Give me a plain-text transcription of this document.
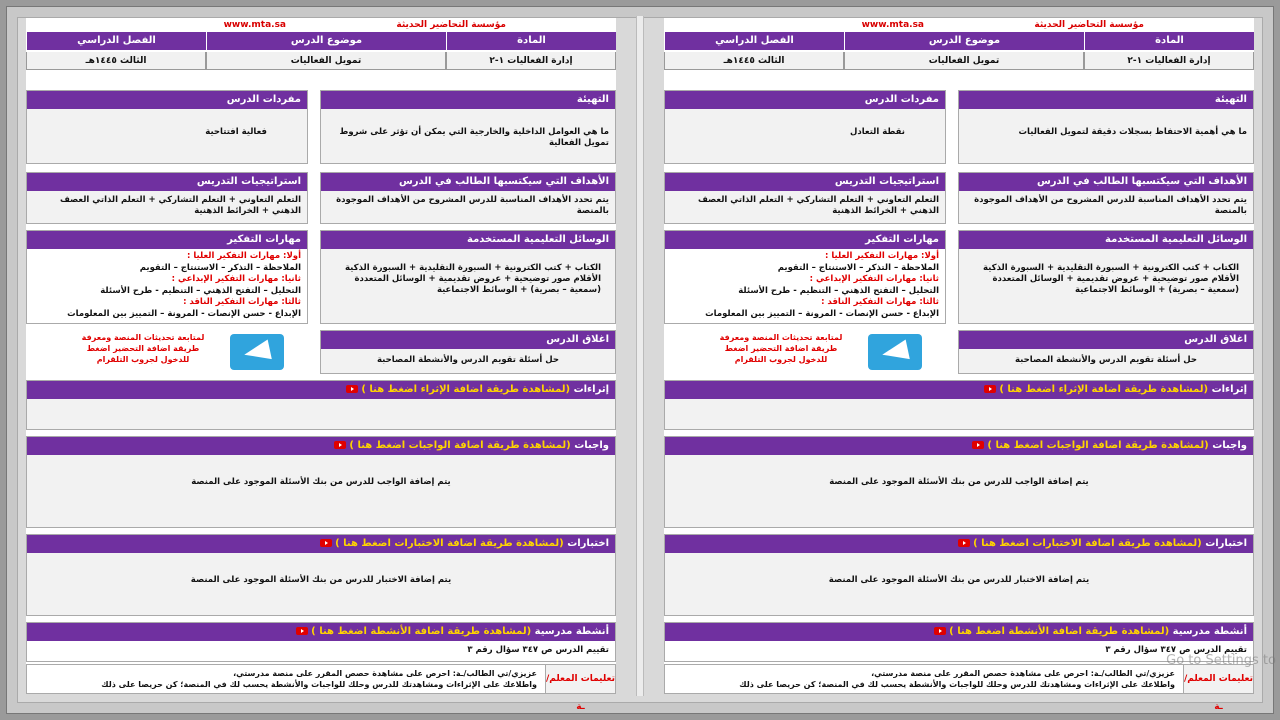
مؤسسة التحاضير الحديثة
www.mta.sa
المادة
موضوع الدرس
الفصل الدراسي
إدارة الفعاليات ١-٢
تمويل الفعاليات
الثالث ١٤٤٥هـ
التهيئة
ما هي أهمية الاحتفاظ بسجلات دقيقة لتمويل الفعاليات
مفردات الدرس
نقطة التعادل
الأهداف التي سيكتسبها الطالب في الدرس
يتم تحدد الأهداف المناسبة للدرس المشروح من الأهداف الموجودة بالمنصة
استراتيجيات التدريس
التعلم التعاوني + التعلم التشاركي + التعلم الذاتي العصف الذهني + الخرائط الذهنية
الوسائل التعليمية المستخدمة
الكتاب + كتب الكترونية + السبورة التقليدية + السبورة الذكية الأقلام صور توضيحية + عروض تقديمية + الوسائل المتعددة (سمعية – بصرية) + الوسائط الاجتماعية
مهارات التفكير
أولا: مهارات التفكير العليا :
الملاحظة – التذكر – الاستنتاج – التقويم
ثانيا: مهارات التفكير الإبداعي :
التحليل – التفتح الذهني – التنظيم - طرح الأسئلة
ثالثا: مهارات التفكير الناقد :
الإبداع - حسن الإنصات - المرونة – التمييز بين المعلومات
اغلاق الدرس
حل أسئلة تقويم الدرس والأنشطة المصاحبة
لمتابعة تحديثات المنصة ومعرفة طريقة اضافة التحضير اضغط للدخول لجروب التلقرام
إثراءات (لمشاهدة طريقة اضافة الإثراء اضغط هنا )
واجبات (لمشاهدة طريقة اضافة الواجبات اضغط هنا )
يتم إضافة الواجب للدرس من بنك الأسئلة الموجود على المنصة
اختبارات (لمشاهدة طريقة اضافة الاختبارات اضغط هنا )
يتم إضافة الاختبار للدرس من بنك الأسئلة الموجود على المنصة
أنشطة مدرسية (لمشاهدة طريقة اضافة الأنشطة اضغط هنا )
تقييم الدرس ص ٣٤٧ سؤال رقم ٣
تعليمات المعلم/ـة
عزيزي/تي الطالب/ـة: احرص على مشاهدة حصص المقرر على منصة مدرستي،
واطلاعك على الإثراءات ومشاهدتك للدرس وحلك للواجبات والأنشطة يحسب لك في المنصة؛ كن حريصا على ذلك
مؤسسة التحاضير الحديثة
www.mta.sa
المادة
موضوع الدرس
الفصل الدراسي
إدارة الفعاليات ١-٢
تمويل الفعاليات
الثالث ١٤٤٥هـ
التهيئة
ما هي العوامل الداخلية والخارجية التي يمكن أن تؤثر على شروط تمويل الفعالية
مفردات الدرس
فعالية افتتاحية
الأهداف التي سيكتسبها الطالب في الدرس
يتم تحدد الأهداف المناسبة للدرس المشروح من الأهداف الموجودة بالمنصة
استراتيجيات التدريس
التعلم التعاوني + التعلم التشاركي + التعلم الذاتي العصف الذهني + الخرائط الذهنية
الوسائل التعليمية المستخدمة
الكتاب + كتب الكترونية + السبورة التقليدية + السبورة الذكية الأقلام صور توضيحية + عروض تقديمية + الوسائل المتعددة (سمعية – بصرية) + الوسائط الاجتماعية
مهارات التفكير
أولا: مهارات التفكير العليا :
الملاحظة – التذكر – الاستنتاج – التقويم
ثانيا: مهارات التفكير الإبداعي :
التحليل – التفتح الذهني – التنظيم - طرح الأسئلة
ثالثا: مهارات التفكير الناقد :
الإبداع - حسن الإنصات - المرونة – التمييز بين المعلومات
اغلاق الدرس
حل أسئلة تقويم الدرس والأنشطة المصاحبة
لمتابعة تحديثات المنصة ومعرفة طريقة اضافة التحضير اضغط للدخول لجروب التلقرام
إثراءات (لمشاهدة طريقة اضافة الإثراء اضغط هنا )
واجبات (لمشاهدة طريقة اضافة الواجبات اضغط هنا )
يتم إضافة الواجب للدرس من بنك الأسئلة الموجود على المنصة
اختبارات (لمشاهدة طريقة اضافة الاختبارات اضغط هنا )
يتم إضافة الاختبار للدرس من بنك الأسئلة الموجود على المنصة
أنشطة مدرسية (لمشاهدة طريقة اضافة الأنشطة اضغط هنا )
تقييم الدرس ص ٣٤٧ سؤال رقم ٣
تعليمات المعلم/ـة
عزيزي/تي الطالب/ـة: احرص على مشاهدة حصص المقرر على منصة مدرستي،
واطلاعك على الإثراءات ومشاهدتك للدرس وحلك للواجبات والأنشطة يحسب لك في المنصة؛ كن حريصا على ذلك
Go to Settings to
